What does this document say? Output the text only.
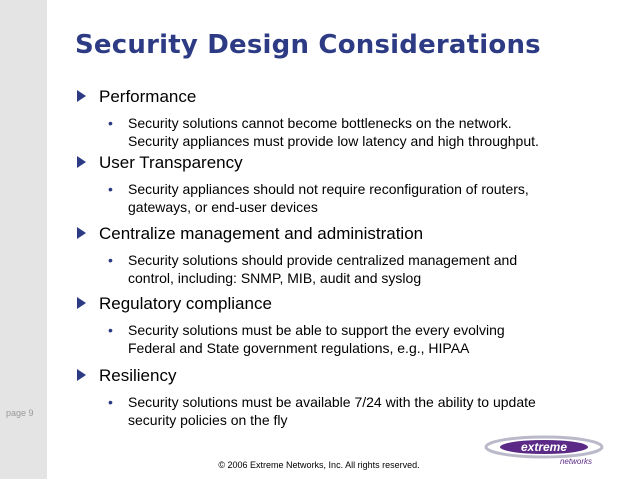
page 9
Security Design Considerations
Performance
• Security solutions cannot become bottlenecks on the network.
Security appliances must provide low latency and high throughput.
User Transparency
• Security appliances should not require reconfiguration of routers,
gateways, or end-user devices
Centralize management and administration
• Security solutions should provide centralized management and
control, including: SNMP, MIB, audit and syslog
Regulatory compliance
• Security solutions must be able to support the every evolving
Federal and State government regulations, e.g., HIPAA
Resiliency
• Security solutions must be available 7/24 with the ability to update
security policies on the fly
extreme
networks
© 2006 Extreme Networks, Inc. All rights reserved.
